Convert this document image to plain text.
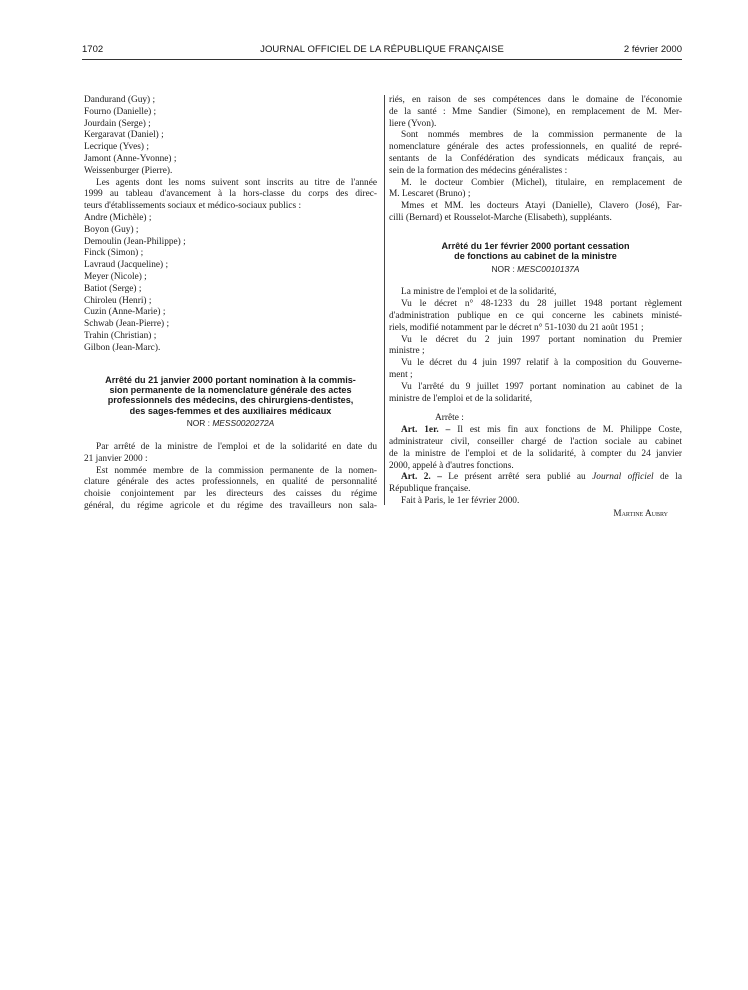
1702	JOURNAL OFFICIEL DE LA RÉPUBLIQUE FRANÇAISE	2 février 2000
Dandurand (Guy) ;
Fourno (Danielle) ;
Jourdain (Serge) ;
Kergaravat (Daniel) ;
Lecrique (Yves) ;
Jamont (Anne-Yvonne) ;
Weissenburger (Pierre).
Les agents dont les noms suivent sont inscrits au titre de l'année
1999 au tableau d'avancement à la hors-classe du corps des direc-
teurs d'établissements sociaux et médico-sociaux publics :
Andre (Michèle) ;
Boyon (Guy) ;
Demoulin (Jean-Philippe) ;
Finck (Simon) ;
Lavraud (Jacqueline) ;
Meyer (Nicole) ;
Batiot (Serge) ;
Chiroleu (Henri) ;
Cuzin (Anne-Marie) ;
Schwab (Jean-Pierre) ;
Trahin (Christian) ;
Gilbon (Jean-Marc).
Arrêté du 21 janvier 2000 portant nomination à la commis-
sion permanente de la nomenclature générale des actes
professionnels des médecins, des chirurgiens-dentistes,
des sages-femmes et des auxiliaires médicaux
NOR : MESS0020272A
Par arrêté de la ministre de l'emploi et de la solidarité en date du
21 janvier 2000 :
Est nommée membre de la commission permanente de la nomen-
clature générale des actes professionnels, en qualité de personnalité
choisie conjointement par les directeurs des caisses du régime
général, du régime agricole et du régime des travailleurs non sala-
riés, en raison de ses compétences dans le domaine de l'économie
de la santé : Mme Sandier (Simone), en remplacement de M. Mer-
liere (Yvon).
Sont nommés membres de la commission permanente de la
nomenclature générale des actes professionnels, en qualité de repré-
sentants de la Confédération des syndicats médicaux français, au
sein de la formation des médecins généralistes :
M. le docteur Combier (Michel), titulaire, en remplacement de
M. Lescaret (Bruno) ;
Mmes et MM. les docteurs Atayi (Danielle), Clavero (José), Far-
cilli (Bernard) et Rousselot-Marche (Elisabeth), suppléants.
Arrêté du 1er février 2000 portant cessation
de fonctions au cabinet de la ministre
NOR : MESC0010137A
La ministre de l'emploi et de la solidarité,
Vu le décret n° 48-1233 du 28 juillet 1948 portant règlement
d'administration publique en ce qui concerne les cabinets ministé-
riels, modifié notamment par le décret n° 51-1030 du 21 août 1951 ;
Vu le décret du 2 juin 1997 portant nomination du Premier
ministre ;
Vu le décret du 4 juin 1997 relatif à la composition du Gouverne-
ment ;
Vu l'arrêté du 9 juillet 1997 portant nomination au cabinet de la
ministre de l'emploi et de la solidarité,
Arrête :
Art. 1er. – Il est mis fin aux fonctions de M. Philippe Coste,
administrateur civil, conseiller chargé de l'action sociale au cabinet
de la ministre de l'emploi et de la solidarité, à compter du 24 janvier
2000, appelé à d'autres fonctions.
Art. 2. – Le présent arrêté sera publié au Journal officiel de la
République française.
Fait à Paris, le 1er février 2000.
Martine Aubry
